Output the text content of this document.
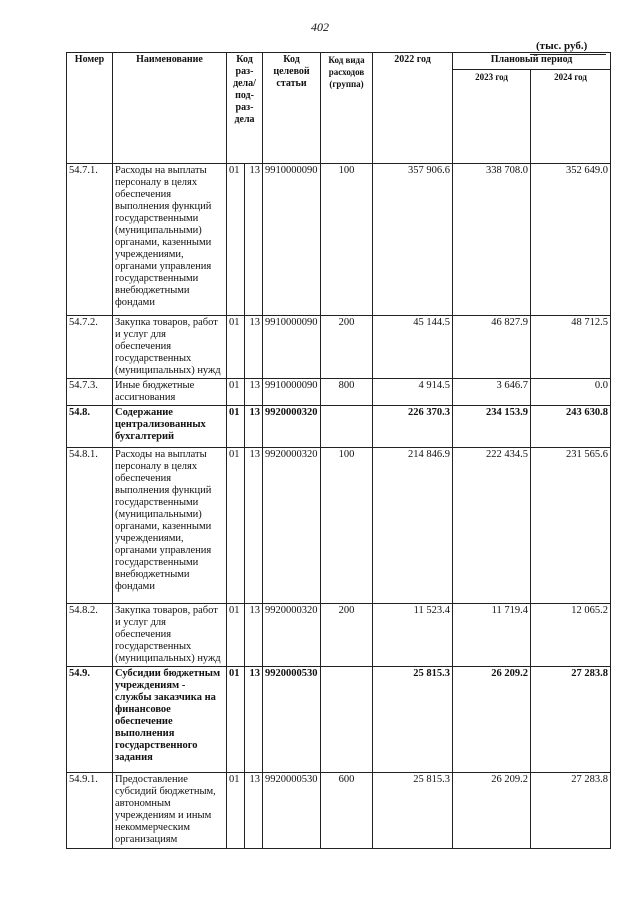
402
(тыс. руб.)
Номер	Наименование	Код раз- дела/ под- раз- дела		Код целевой статьи	Код вида расходов (группа)	2022 год	Плановый период	
							2023 год	2024 год
54.7.1.	Расходы на выплаты персоналу в целях обеспечения выполнения функций государственными (муниципальными) органами, казенными учреждениями, органами управления государственными внебюджетными фондами	01	13	9910000090	100	357 906.6	338 708.0	352 649.0
54.7.2.	Закупка товаров, работ и услуг для обеспечения государственных (муниципальных) нужд	01	13	9910000090	200	45 144.5	46 827.9	48 712.5
54.7.3.	Иные бюджетные ассигнования	01	13	9910000090	800	4 914.5	3 646.7	0.0
54.8.	Содержание централизованных бухгалтерий	01	13	9920000320		226 370.3	234 153.9	243 630.8
54.8.1.	Расходы на выплаты персоналу в целях обеспечения выполнения функций государственными (муниципальными) органами, казенными учреждениями, органами управления государственными внебюджетными фондами	01	13	9920000320	100	214 846.9	222 434.5	231 565.6
54.8.2.	Закупка товаров, работ и услуг для обеспечения государственных (муниципальных) нужд	01	13	9920000320	200	11 523.4	11 719.4	12 065.2
54.9.	Субсидии бюджетным учреждениям - службы заказчика на финансовое обеспечение выполнения государственного задания	01	13	9920000530		25 815.3	26 209.2	27 283.8
54.9.1.	Предоставление субсидий бюджетным, автономным учреждениям и иным некоммерческим организациям	01	13	9920000530	600	25 815.3	26 209.2	27 283.8
